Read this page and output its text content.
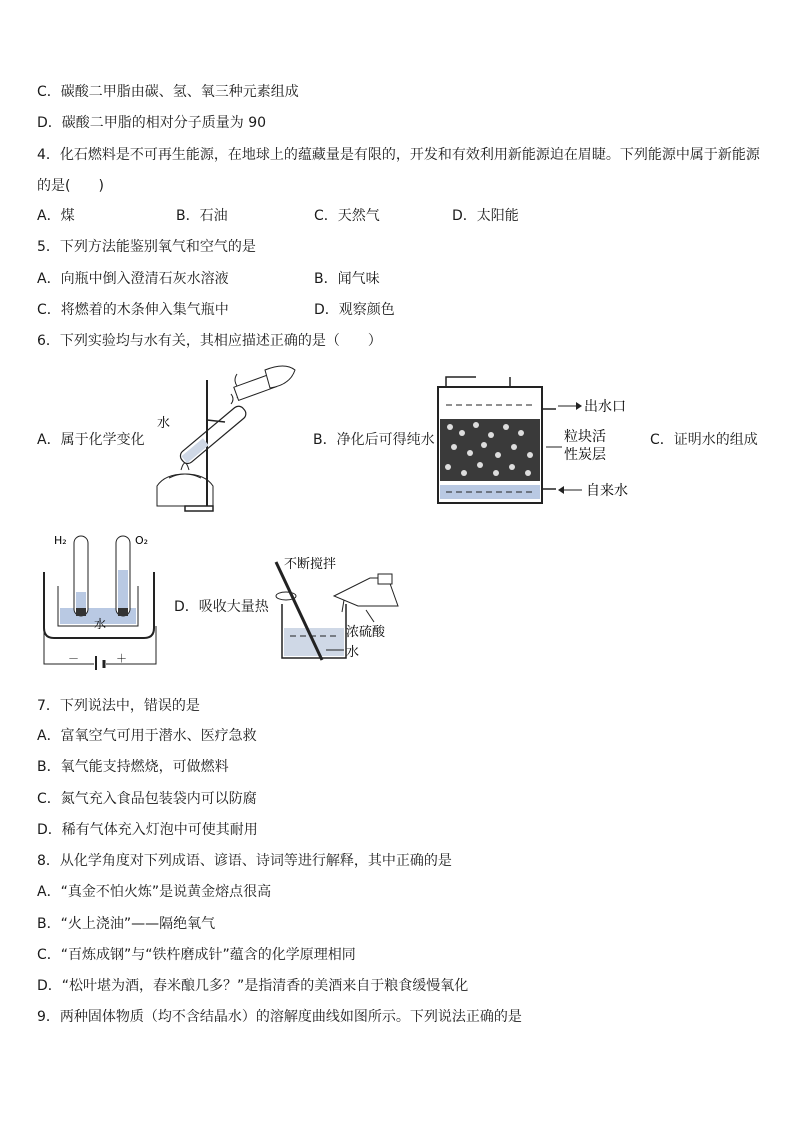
C．碳酸二甲脂由碳、氢、氧三种元素组成
D．碳酸二甲脂的相对分子质量为 90
4．化石燃料是不可再生能源，在地球上的蕴藏量是有限的，开发和有效利用新能源迫在眉睫。下列能源中属于新能源
的是(　　)
A．煤	B．石油	C．天然气	D．太阳能
5．下列方法能鉴别氧气和空气的是
A．向瓶中倒入澄清石灰水溶液	B．闻气味
C．将燃着的木条伸入集气瓶中	D．观察颜色
6．下列实验均与水有关，其相应描述正确的是（　　）
A．属于化学变化	B．净化后可得纯水	C．证明水的组成
D．吸收大量热
水
出水口
粒块活
性炭层
自来水
H₂	O₂
水
－	＋
不断搅拌
浓硫酸
水
7．下列说法中，错误的是
A．富氧空气可用于潜水、医疗急救
B．氧气能支持燃烧，可做燃料
C．氮气充入食品包装袋内可以防腐
D．稀有气体充入灯泡中可使其耐用
8．从化学角度对下列成语、谚语、诗词等进行解释，其中正确的是
A．“真金不怕火炼”是说黄金熔点很高
B．“火上浇油”——隔绝氧气
C．“百炼成钢”与“铁杵磨成针”蕴含的化学原理相同
D．“松叶堪为酒，春米酿几多？”是指清香的美酒来自于粮食缓慢氧化
9．两种固体物质（均不含结晶水）的溶解度曲线如图所示。下列说法正确的是
